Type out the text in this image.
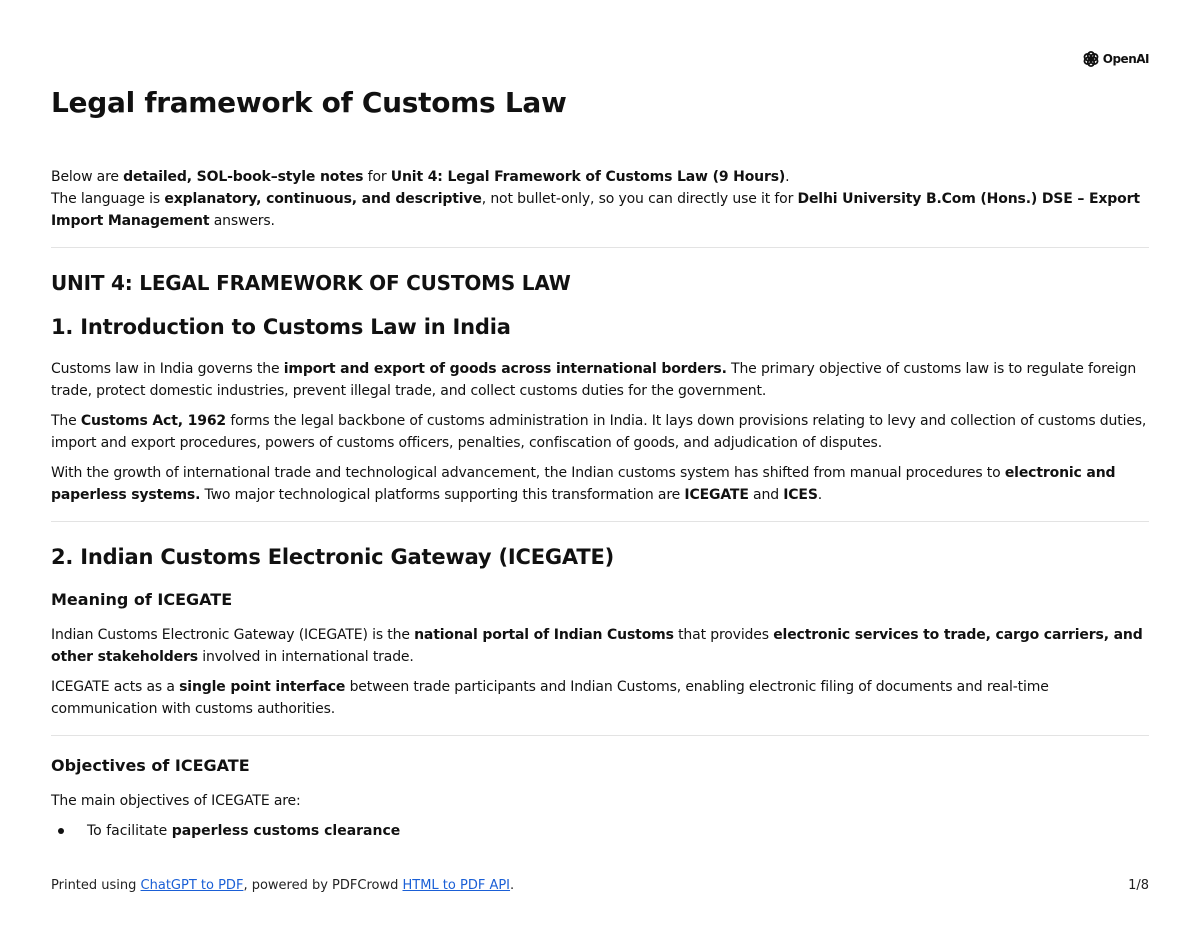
OpenAI
Legal framework of Customs Law

Below are detailed, SOL-book–style notes for Unit 4: Legal Framework of Customs Law (9 Hours).

The language is explanatory, continuous, and descriptive, not bullet-only, so you can directly use it for Delhi University B.Com (Hons.) DSE – Export Import Management answers.

UNIT 4: LEGAL FRAMEWORK OF CUSTOMS LAW
1. Introduction to Customs Law in India

Customs law in India governs the import and export of goods across international borders. The primary objective of customs law is to regulate foreign trade, protect domestic industries, prevent illegal trade, and collect customs duties for the government.

The Customs Act, 1962 forms the legal backbone of customs administration in India. It lays down provisions relating to levy and collection of customs duties, import and export procedures, powers of customs officers, penalties, confiscation of goods, and adjudication of disputes.

With the growth of international trade and technological advancement, the Indian customs system has shifted from manual procedures to electronic and paperless systems. Two major technological platforms supporting this transformation are ICEGATE and ICES.

2. Indian Customs Electronic Gateway (ICEGATE)
Meaning of ICEGATE

Indian Customs Electronic Gateway (ICEGATE) is the national portal of Indian Customs that provides electronic services to trade, cargo carriers, and other stakeholders involved in international trade.

ICEGATE acts as a single point interface between trade participants and Indian Customs, enabling electronic filing of documents and real-time communication with customs authorities.

Objectives of ICEGATE

The main objectives of ICEGATE are:

To facilitate paperless customs clearance
Printed using ChatGPT to PDF, powered by PDFCrowd HTML to PDF API.	1/8
